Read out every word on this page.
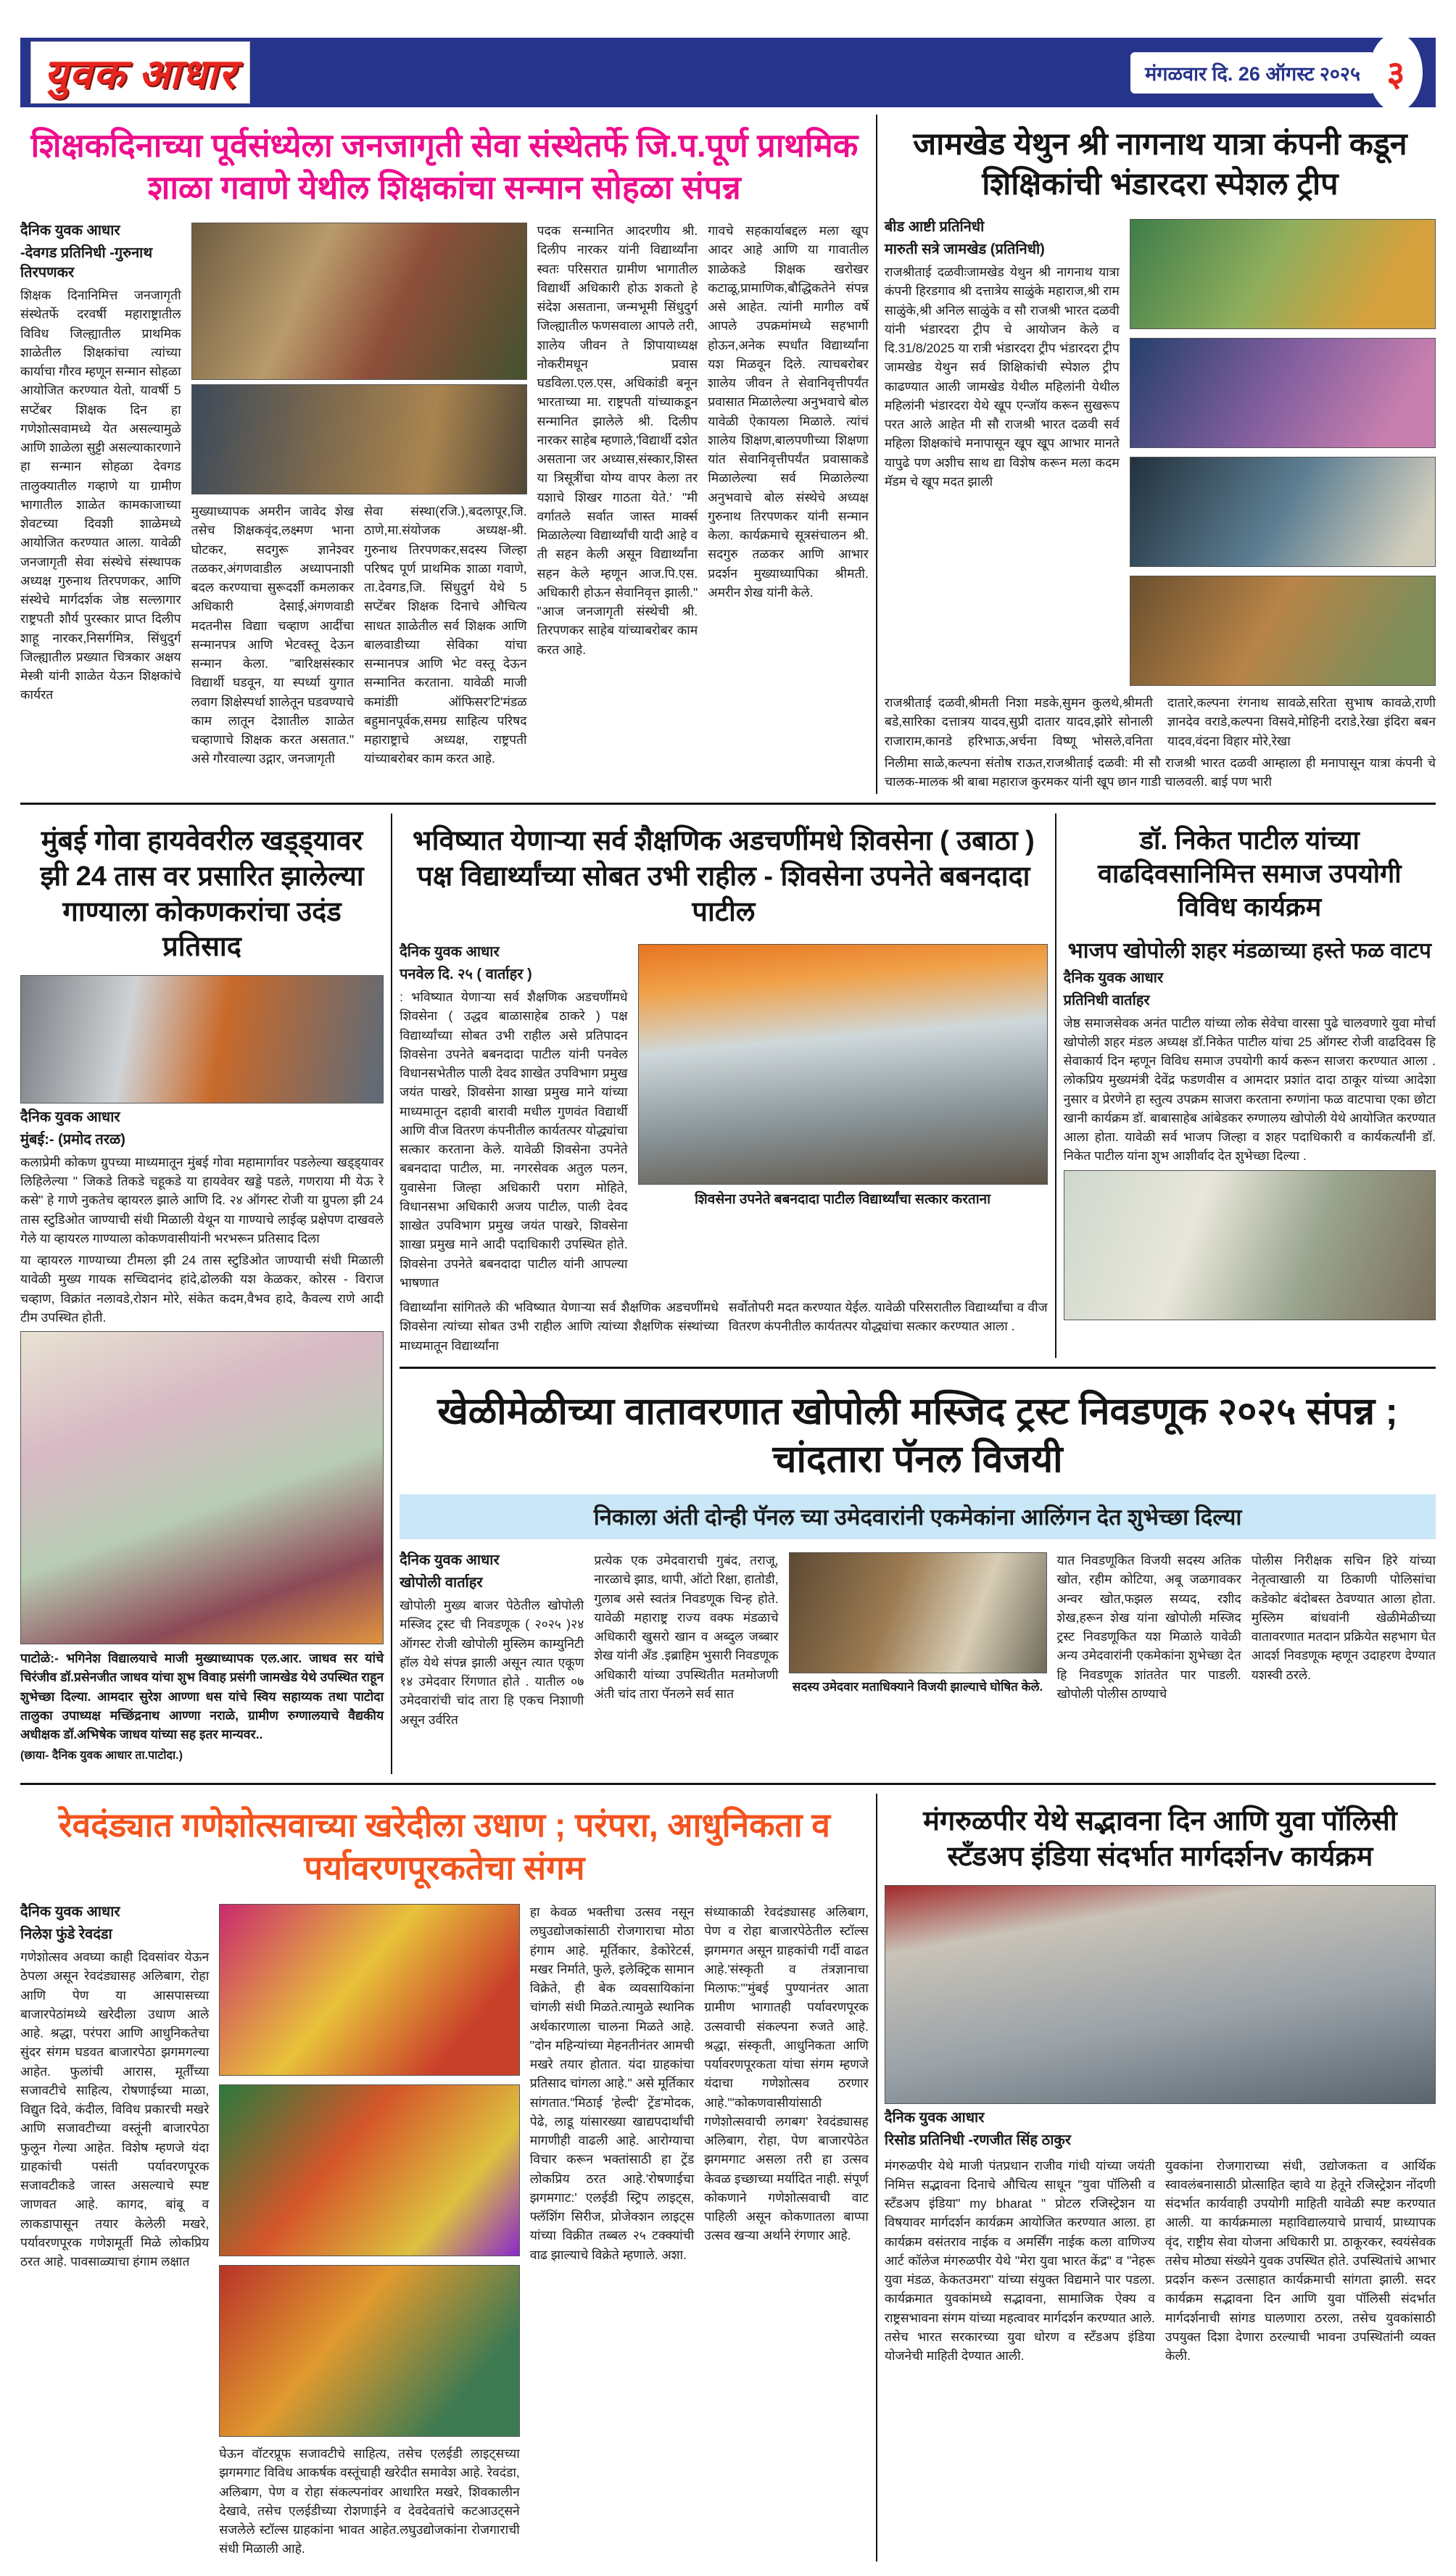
युवक आधार	मंगळवार दि. 26 ऑगस्ट २०२५ ३
शिक्षकदिनाच्या पूर्वसंध्येला जनजागृती सेवा संस्थेतर्फे जि.प.पूर्ण प्राथमिक शाळा गवाणे येथील शिक्षकांचा सन्मान सोहळा संपन्न

दैनिक युवक आधार

-देवगड प्रतिनिधी -गुरुनाथ तिरपणकर

शिक्षक दिनानिमित्त जनजागृती संस्थेतर्फे दरवर्षी महाराष्ट्रातील विविध जिल्ह्यातील प्राथमिक शाळेतील शिक्षकांचा त्यांच्या कार्याचा गौरव म्हणून सन्मान सोहळा आयोजित करण्यात येतो, यावर्षी 5 सप्टेंबर शिक्षक दिन हा गणेशोत्सवामध्ये येत असल्यामुळे आणि शाळेला सुट्टी असल्याकारणाने हा सन्मान सोहळा देवगड तालुक्यातील गव्हाणे या ग्रामीण भागातील शाळेत कामकाजाच्या शेवटच्या दिवशी शाळेमध्ये आयोजित करण्यात आला. यावेळी जनजागृती सेवा संस्थेचे संस्थापक अध्यक्ष गुरुनाथ तिरपणकर, आणि संस्थेचे मार्गदर्शक जेष्ठ सल्लागार राष्ट्रपती शौर्य पुरस्कार प्राप्त दिलीप शाहू नारकर,निसर्गमित्र, सिंधुदुर्ग जिल्ह्यातील प्रख्यात चित्रकार अक्षय मेस्त्री यांनी शाळेत येऊन शिक्षकांचे कार्यरत

मुख्याध्यापक अमरीन जावेद शेख तसेच शिक्षकवृंद,लक्ष्मण भाना घोटकर, सदगुरू ज्ञानेश्वर तळकर,अंगणवाडील अध्यापनाशी बदल करण्याचा सुरूदर्शी कमलाकर अधिकारी देसाई,अंगणवाडी मदतनीस विद्याा चव्हाण आदींचा सन्मानपत्र आणि भेटवस्तू देऊन सन्मान केला. "बारिक्षसंस्कार विद्यार्थी घडवून, या स्पर्ध्या युगात लवाग शिक्षेस्पर्धा शालेतून घडवण्याचे काम लातून देशातील शाळेत चव्हाणाचे शिक्षक करत असतात." असे गौरवाल्या उद्गार, जनजागृती

सेवा संस्था(रजि.),बदलापूर,जि. ठाणे,मा.संयोजक अध्यक्ष-श्री. गुरुनाथ तिरपणकर,सदस्य जिल्हा परिषद पूर्ण प्राथमिक शाळा गवाणे, ता.देवगड,जि. सिंधुदुर्ग येथे 5 सप्टेंबर शिक्षक दिनाचे औचित्य साधत शाळेतील सर्व शिक्षक आणि बालवाडीच्या सेविका यांचा सन्मानपत्र आणि भेट वस्तू देऊन सन्मानित करताना. यावेळी माजी कमांडीो ऑफिसर'टि'मंडळ बहुमानपूर्वक,समग्र साहित्य परिषद महाराष्ट्राचे अध्यक्ष, राष्ट्रपती यांच्याबरोबर काम करत आहे.

पदक सन्मानित आदरणीय श्री. दिलीप नारकर यांनी विद्यार्थ्यांना स्वतः परिसरात ग्रामीण भागातील विद्यार्थी अधिकारी होऊ शकतो हे संदेश असताना, जन्मभूमी सिंधुदुर्ग जिल्ह्यातील फणसवाला आपले तरी, शालेय जीवन ते शिपायाध्यक्ष नोकरीमधून प्रवास घडविला.एल.एस, अधिकांडी बनून भारताच्या मा. राष्ट्रपती यांच्याकडून सन्मानित झालेले श्री. दिलीप नारकर साहेब म्हणाले,'विद्यार्थी दशेत असताना जर अध्यास,संस्कार,शिस्त या त्रिसूत्रींचा योग्य वापर केला तर यशाचे शिखर गाठता येते.' "मी वर्गातले सर्वात जास्त मार्क्स मिळालेल्या विद्यार्थ्यांची यादी आहे व ती सहन केली असून विद्यार्थ्यांना सहन केले म्हणून आज.पि.एस. अधिकारी होऊन सेवानिवृत्त झाली." "आज जनजागृती संस्थेची श्री. तिरपणकर साहेब यांच्याबरोबर काम करत आहे.

गावचे सहकार्याबद्दल मला खूप आदर आहे आणि या गावातील शाळेकडे शिक्षक खरोखर कटाळू,प्रामाणिक,बौद्धिकतेने संपन्न असे आहेत. त्यांनी मागील वर्षे आपले उपक्रमांमध्ये सहभागी होऊन,अनेक स्पर्धांत विद्यार्थ्यांना यश मिळवून दिले. त्याचबरोबर शालेय जीवन ते सेवानिवृत्तीपर्यंत प्रवासात मिळालेल्या अनुभवाचे बोल यावेळी ऐकायला मिळाले. त्यांचं शालेय शिक्षण,बालपणीच्या शिक्षणा यांत सेवानिवृत्तीपर्यंत प्रवासाकडे मिळालेल्या सर्व मिळालेल्या अनुभवाचे बोल संस्थेचे अध्यक्ष गुरुनाथ तिरपणकर यांनी सन्मान केला. कार्यक्रमाचे सूत्रसंचालन श्री. सदगुरु तळकर आणि आभार प्रदर्शन मुख्याध्यापिका श्रीमती. अमरीन शेख यांनी केले.

जामखेड येथुन श्री नागनाथ यात्रा कंपनी कडून शिक्षिकांची भंडारदरा स्पेशल ट्रीप

बीड आष्टी प्रतिनिधी

मारुती सत्रे जामखेड (प्रतिनिधी)

राजश्रीताई दळवीःजामखेड येथुन श्री नागनाथ यात्रा कंपनी हिरडगाव श्री दत्तात्रेय साळुंके महाराज,श्री राम साळुंके,श्री अनिल साळुंके व सौ राजश्री भारत दळवी यांनी भंडारदरा ट्रीप चे आयोजन केले व दि.31/8/2025 या रात्री भंडारदरा ट्रीप भंडारदरा ट्रीप जामखेड येथुन सर्व शिक्षिकांची स्पेशल ट्रीप काढण्यात आली जामखेड येथील महिलांनी येथील महिलांनी भंडारदरा येथे खूप एन्जॉय करून सुखरूप परत आले आहेत मी सौ राजश्री भारत दळवी सर्व महिला शिक्षकांचे मनापासून खूप खूप आभार मानते यापुढे पण अशीच साथ द्या विशेष करून मला कदम मॅडम चे खूप मदत झाली

राजश्रीताई दळवी,श्रीमती निशा मडके,सुमन कुलथे,श्रीमती बडे,सारिका दत्तात्रय यादव,सुप्री दातार यादव,झोरे सोनाली राजाराम,कानडे हरिभाऊ,अर्चना विष्णू भोसले,वनिता दातारे,कल्पना रंगनाथ सावळे,सरिता सुभाष कावळे,राणी ज्ञानदेव वराडे,कल्पना विसवे,मोहिनी दराडे,रेखा इंदिरा बबन यादव,वंदना विहार मोरे,रेखा

निलीमा साळे,कल्पना संतोष राऊत,राजश्रीताई दळवी: मी सौ राजश्री भारत दळवी आम्हाला ही मनापासून यात्रा कंपनी चे चालक-मालक श्री बाबा महाराज कुरमकर यांनी खूप छान गाडी चालवली. बाई पण भारी

मुंबई गोवा हायवेवरील खड्ड्यावर झी 24 तास वर प्रसारित झालेल्या गाण्याला कोकणकरांचा उदंड प्रतिसाद

दैनिक युवक आधार

मुंबई:- (प्रमोद तरळ)

कलाप्रेमी कोकण ग्रुपच्या माध्यमातून मुंबई गोवा महामार्गावर पडलेल्या खड्ड्यावर लिहिलेल्या " जिकडे तिकडे चहूकडे या हायवेवर खड्डे पडले, गणराया मी येऊ रे कसे" हे गाणे नुकतेच व्हायरल झाले आणि दि. २४ ऑगस्ट रोजी या ग्रुपला झी 24 तास स्टुडिओत जाण्याची संधी मिळाली येथून या गाण्याचे लाईव्ह प्रक्षेपण दाखवले गेले या व्हायरल गाण्याला कोकणवासीयांनी भरभरून प्रतिसाद दिला

या व्हायरल गाण्याच्या टीमला झी 24 तास स्टुडिओत जाण्याची संधी मिळाली यावेळी मुख्य गायक सच्चिदानंद हांदे,ढोलकी यश केळकर, कोरस - विराज चव्हाण, विक्रांत नलावडे,रोशन मोरे, संकेत कदम,वैभव हादे, कैवल्य राणे आदी टीम उपस्थित होती.

पाटोळे:- भगिनेश विद्यालयाचे माजी मुख्याध्यापक एल.आर. जाधव सर यांचे चिरंजीव डॉ.प्रसेनजीत जाधव यांचा शुभ विवाह प्रसंगी जामखेड येथे उपस्थित राहून शुभेच्छा दिल्या. आमदार सुरेश आण्णा धस यांचे स्विय सहाय्यक तथा पाटोदा तालुका उपाध्यक्ष मच्छिंद्रनाथ आण्णा नराळे, ग्रामीण रुग्णालयाचे वैद्यकीय अधीक्षक डॉ.अभिषेक जाधव यांच्या सह इतर मान्यवर..

(छाया- दैनिक युवक आधार ता.पाटोदा.)

भविष्यात येणाऱ्या सर्व शैक्षणिक अडचणींमधे शिवसेना ( उबाठा ) पक्ष विद्यार्थ्यांच्या सोबत उभी राहील - शिवसेना उपनेते बबनदादा पाटील

दैनिक युवक आधार

पनवेल दि. २५ ( वार्ताहर )

: भविष्यात येणाऱ्या सर्व शैक्षणिक अडचणींमधे शिवसेना ( उद्धव बाळासाहेब ठाकरे ) पक्ष विद्यार्थ्यांच्या सोबत उभी राहील असे प्रतिपादन शिवसेना उपनेते बबनदादा पाटील यांनी पनवेल विधानसभेतील पाली देवद शाखेत उपविभाग प्रमुख जयंत पाखरे, शिवसेना शाखा प्रमुख माने यांच्या माध्यमातून दहावी बारावी मधील गुणवंत विद्यार्थी आणि वीज वितरण कंपनीतील कार्यतत्पर योद्ध्यांचा सत्कार करताना केले. यावेळी शिवसेना उपनेते बबनदादा पाटील, मा. नगरसेवक अतुल पलन, युवासेना जिल्हा अधिकारी पराग मोहिते, विधानसभा अधिकारी अजय पाटील, पाली देवद शाखेत उपविभाग प्रमुख जयंत पाखरे, शिवसेना शाखा प्रमुख माने आदी पदाधिकारी उपस्थित होते. शिवसेना उपनेते बबनदादा पाटील यांनी आपल्या भाषणात

शिवसेना उपनेते बबनदादा पाटील विद्यार्थ्यांचा सत्कार करताना

विद्यार्थ्यांना सांगितले की भविष्यात येणाऱ्या सर्व शैक्षणिक अडचणींमधे शिवसेना त्यांच्या सोबत उभी राहील आणि त्यांच्या शैक्षणिक संस्थांच्या माध्यमातून विद्यार्थ्यांना

सर्वोतोपरी मदत करण्यात येईल. यावेळी परिसरातील विद्यार्थ्यांचा व वीज वितरण कंपनीतील कार्यतत्पर योद्ध्यांचा सत्कार करण्यात आला .

डॉ. निकेत पाटील यांच्या वाढदिवसानिमित्त समाज उपयोगी विविध कार्यक्रम

भाजप खोपोली शहर मंडळाच्या हस्ते फळ वाटप

दैनिक युवक आधार

प्रतिनिधी वार्ताहर

जेष्ठ समाजसेवक अनंत पाटील यांच्या लोक सेवेचा वारसा पुढे चालवणारे युवा मोर्चा खोपोली शहर मंडल अध्यक्ष डॉ.निकेत पाटील यांचा 25 ऑगस्ट रोजी वाढदिवस हि सेवाकार्य दिन म्हणून विविध समाज उपयोगी कार्य करून साजरा करण्यात आला . लोकप्रिय मुख्यमंत्री देवेंद्र फडणवीस व आमदार प्रशांत दादा ठाकूर यांच्या आदेशा नुसार व प्रेरणेने हा स्तुत्य उपक्रम साजरा करताना रुग्णांना फळ वाटपाचा एका छोटा खानी कार्यक्रम डॉ. बाबासाहेब आंबेडकर रुग्णालय खोपोली येथे आयोजित करण्यात आला होता. यावेळी सर्व भाजप जिल्हा व शहर पदाधिकारी व कार्यकर्त्यांनी डॉ. निकेत पाटील यांना शुभ आशीर्वाद देत शुभेच्छा दिल्या .

खेळीमेळीच्या वातावरणात खोपोली मस्जिद ट्रस्ट निवडणूक २०२५ संपन्न ; चांदतारा पॅनल विजयी
निकाला अंती दोन्ही पॅनल च्या उमेदवारांनी एकमेकांना आलिंगन देत शुभेच्छा दिल्या

दैनिक युवक आधार

खोपोली वार्ताहर

खोपोली मुख्य बाजर पेठेतील खोपोली मस्जिद ट्रस्ट ची निवडणूक ( २०२५ )२४ ऑगस्ट रोजी खोपोली मुस्लिम काम्युनिटी हॉल येथे संपन्न झाली असून त्यात एकूण १४ उमेदवार रिंगणात होते . यातील ०७ उमेदवारांची चांद तारा हि एकच निशाणी असून उर्वरित

प्रत्येक एक उमेदवाराची गुबंद, तराजू, नारळाचे झाड, थापी, ऑटो रिक्षा, हातोडी, गुलाब असे स्वतंत्र निवडणूक चिन्ह होते. यावेळी महाराष्ट्र राज्य वक्फ मंडळाचे अधिकारी खुसरो खान व अब्दुल जब्बार शेख यांनी अँड .इब्राहिम भुसारी निवडणूक अधिकारी यांच्या उपस्थितीत मतमोजणी अंती चांद तारा पॅनलने सर्व सात	सदस्य उमेदवार मताधिक्याने विजयी झाल्याचे घोषित केले.

यात निवडणूकित विजयी सदस्य अतिक खोत, रहीम कोटिया, अबू जळगावकर अन्वर खोत,फझल सय्यद, रशीद शेख,हरून शेख यांना खोपोली मस्जिद ट्रस्ट निवडणूकित यश मिळाले यावेळी अन्य उमेदवारांनी एकमेकांना शुभेच्छा देत हि निवडणूक शांततेत पार पाडली. खोपोली पोलीस ठाण्याचे

पोलीस निरीक्षक सचिन हिरे यांच्या नेतृत्वाखाली या ठिकाणी पोलिसांचा कडेकोट बंदोबस्त ठेवण्यात आला होता. मुस्लिम बांधवांनी खेळीमेळीच्या वातावरणात मतदान प्रक्रियेत सहभाग घेत आदर्श निवडणूक म्हणून उदाहरण देण्यात यशस्वी ठरले.

रेवदंड्यात गणेशोत्सवाच्या खरेदीला उधाण ; परंपरा, आधुनिकता व पर्यावरणपूरकतेचा संगम

दैनिक युवक आधार

निलेश फुंडे रेवदंडा

गणेशोत्सव अवघ्या काही दिवसांवर येऊन ठेपला असून रेवदंड्यासह अलिबाग, रोहा आणि पेण या आसपासच्या बाजारपेठांमध्ये खरेदीला उधाण आले आहे. श्रद्धा, परंपरा आणि आधुनिकतेचा सुंदर संगम घडवत बाजारपेठा झगमगल्या आहेत. फुलांची आरास, मूर्तींच्या सजावटीचे साहित्य, रोषणाईच्या माळा, विद्युत दिवे, कंदील, विविध प्रकारची मखरे आणि सजावटीच्या वस्तूंनी बाजारपेठा फुलून गेल्या आहेत. विशेष म्हणजे यंदा ग्राहकांची पसंती पर्यावरणपूरक सजावटीकडे जास्त असल्याचे स्पष्ट जाणवत आहे. कागद, बांबू व लाकडापासून तयार केलेली मखरे, पर्यावरणपूरक गणेशमूर्ती मिळे लोकप्रिय ठरत आहे. पावसाळ्याचा हंगाम लक्षात

घेऊन वॉटरप्रूफ सजावटीचे साहित्य, तसेच एलईडी लाइट्सच्या झगमगाट विविध आकर्षक वस्तूंचाही खरेदीत समावेश आहे. रेवदंडा, अलिबाग, पेण व रोहा संकल्पनांवर आधारित मखरे, शिवकालीन देखावे, तसेच एलईडीच्या रोशणाईने व देवदेवतांचे कटआउट्सने सजलेले स्टॉल्स ग्राहकांना भावत आहेत.लघुउद्योजकांना रोजगाराची संधी मिळाली आहे.

हा केवळ भक्तीचा उत्सव नसून लघुउद्योजकांसाठी रोजगाराचा मोठा हंगाम आहे. मूर्तिकार, डेकोरेटर्स, मखर निर्माते, फुले, इलेक्ट्रिक सामान विक्रेते, ही बेक व्यवसायिकांना चांगली संधी मिळते.त्यामुळे स्थानिक अर्थकारणाला चालना मिळते आहे. "दोन महिन्यांच्या मेहनतीनंतर आमची मखरे तयार होतात. यंदा ग्राहकांचा प्रतिसाद चांगला आहे." असे मूर्तिकार सांगतात."मिठाई 'हेल्दी' ट्रेंड'मोदक, पेढे, लाडू यांसारख्या खाद्यपदार्थांची मागणीही वाढली आहे. आरोग्याचा विचार करून भक्तांसाठी हा ट्रेंड लोकप्रिय ठरत आहे.'रोषणाईचा झगमगाट:' एलईडी स्ट्रिप लाइट्स, फ्लॅशिंग सिरीज, प्रोजेक्शन लाइट्स यांच्या विक्रीत तब्बल २५ टक्क्यांची वाढ झाल्याचे विक्रेते म्हणाले. अशा.

संध्याकाळी रेवदंड्यासह अलिबाग, पेण व रोहा बाजारपेठेतील स्टॉल्स झगमगत असून ग्राहकांची गर्दी वाढत आहे.'संस्कृती व तंत्रज्ञानाचा मिलाफ:'"मुंबई पुण्यानंतर आता ग्रामीण भागातही पर्यावरणपूरक उत्सवाची संकल्पना रुजते आहे. श्रद्धा, संस्कृती, आधुनिकता आणि पर्यावरणपूरकता यांचा संगम म्हणजे यंदाचा गणेशोत्सव ठरणार आहे."'कोकणवासीयांसाठी गणेशोत्सवाची लगबग' रेवदंड्यासह अलिबाग, रोहा, पेण बाजारपेठेत झगमगाट असला तरी हा उत्सव केवळ इच्छाच्या मर्यादित नाही. संपूर्ण कोकणाने गणेशोत्सवाची वाट पाहिली असून कोकणातला बाप्पा उत्सव खऱ्या अर्थाने रंगणार आहे.

मंगरुळपीर येथे सद्भावना दिन आणि युवा पॉलिसी स्टँडअप इंडिया संदर्भात मार्गदर्शनv कार्यक्रम

दैनिक युवक आधार

रिसोड प्रतिनिधी -रणजीत सिंह ठाकुर

मंगरुळपीर येथे माजी पंतप्रधान राजीव गांधी यांच्या जयंती निमित्त सद्भावना दिनाचे औचित्य साधून "युवा पॉलिसी व स्टँडअप इंडिया" my bharat " प्रोटल रजिस्ट्रेशन या विषयावर मार्गदर्शन कार्यक्रम आयोजित करण्यात आला. हा कार्यक्रम वसंतराव नाईक व अमर्सिंग नाईक कला वाणिज्य आर्ट कॉलेज मंगरुळपीर येथे "मेरा युवा भारत केंद्र" व "नेहरू युवा मंडळ, केकतउमरा" यांच्या संयुक्त विद्यमाने पार पडला. कार्यक्रमात युवकांमध्ये सद्भावना, सामाजिक ऐक्य व राष्ट्रसभावना संगम यांच्या महत्वावर मार्गदर्शन करण्यात आले. तसेच भारत सरकारच्या युवा धोरण व स्टँडअप इंडिया योजनेची माहिती देण्यात आली.

युवकांना रोजगाराच्या संधी, उद्योजकता व आर्थिक स्वावलंबनासाठी प्रोत्साहित व्हावे या हेतूने रजिस्ट्रेशन नोंदणी संदर्भात कार्यवाही उपयोगी माहिती यावेळी स्पष्ट करण्यात आली. या कार्यक्रमाला महाविद्यालयाचे प्राचार्य, प्राध्यापक वृंद, राष्ट्रीय सेवा योजना अधिकारी प्रा. ठाकूरकर, स्वयंसेवक तसेच मोठ्या संख्येने युवक उपस्थित होते. उपस्थितांचे आभार प्रदर्शन करून उत्साहात कार्यक्रमाची सांगता झाली. सदर कार्यक्रम सद्भावना दिन आणि युवा पॉलिसी संदर्भात मार्गदर्शनाची सांगड घालणारा ठरला, तसेच युवकांसाठी उपयुक्त दिशा देणारा ठरल्याची भावना उपस्थितांनी व्यक्त केली.
